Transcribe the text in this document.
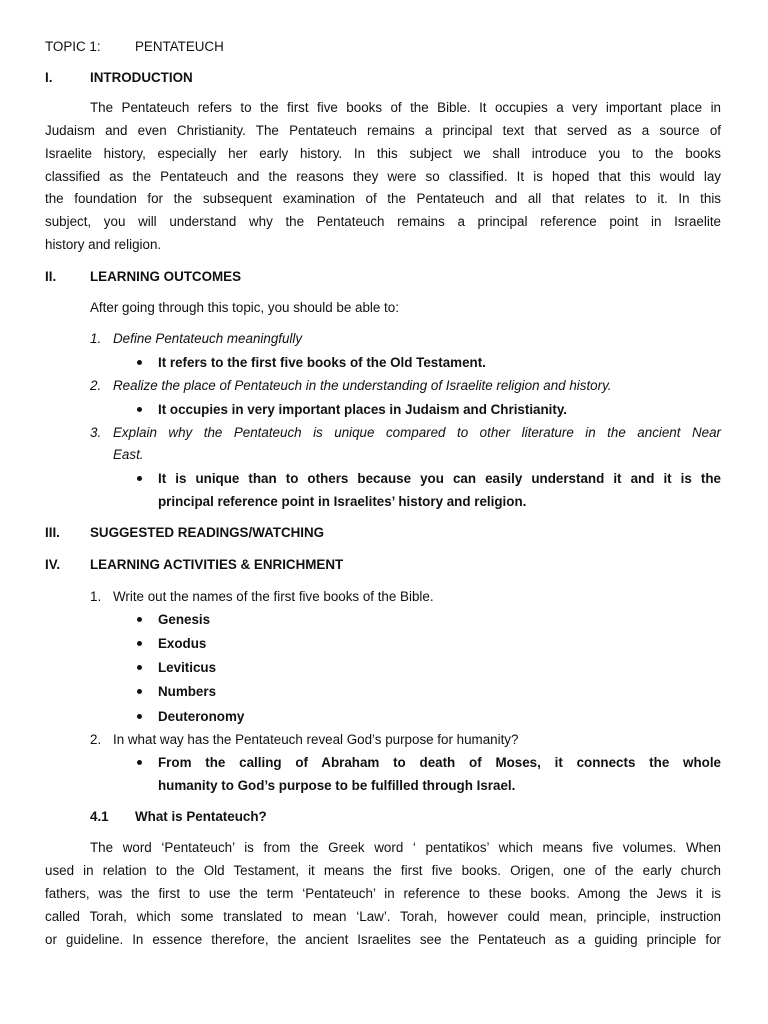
TOPIC 1:	PENTATEUCH
I.	INTRODUCTION
The Pentateuch refers to the first five books of the Bible. It occupies a very important place in
Judaism and even Christianity. The Pentateuch remains a principal text that served as a source of
Israelite history, especially her early history. In this subject we shall introduce you to the books
classified as the Pentateuch and the reasons they were so classified. It is hoped that this would lay
the foundation for the subsequent examination of the Pentateuch and all that relates to it. In this
subject, you will understand why the Pentateuch remains a principal reference point in Israelite
history and religion.
II.	LEARNING OUTCOMES
After going through this topic, you should be able to:
1. Define Pentateuch meaningfully
It refers to the first five books of the Old Testament.
2. Realize the place of Pentateuch in the understanding of Israelite religion and history.
It occupies in very important places in Judaism and Christianity.
3. Explain why the Pentateuch is unique compared to other literature in the ancient Near
East.
It is unique than to others because you can easily understand it and it is the
principal reference point in Israelites’ history and religion.
III. SUGGESTED READINGS/WATCHING
IV. LEARNING ACTIVITIES & ENRICHMENT
1. Write out the names of the first five books of the Bible.
Genesis
Exodus
Leviticus
Numbers
Deuteronomy
2. In what way has the Pentateuch reveal God’s purpose for humanity?
From the calling of Abraham to death of Moses, it connects the whole
humanity to God’s purpose to be fulfilled through Israel.
4.1 What is Pentateuch?
The word ‘Pentateuch’ is from the Greek word ‘ pentatikos’ which means five volumes. When
used in relation to the Old Testament, it means the first five books. Origen, one of the early church
fathers, was the first to use the term ‘Pentateuch’ in reference to these books. Among the Jews it is
called Torah, which some translated to mean ‘Law’. Torah, however could mean, principle, instruction
or guideline. In essence therefore, the ancient Israelites see the Pentateuch as a guiding principle for
